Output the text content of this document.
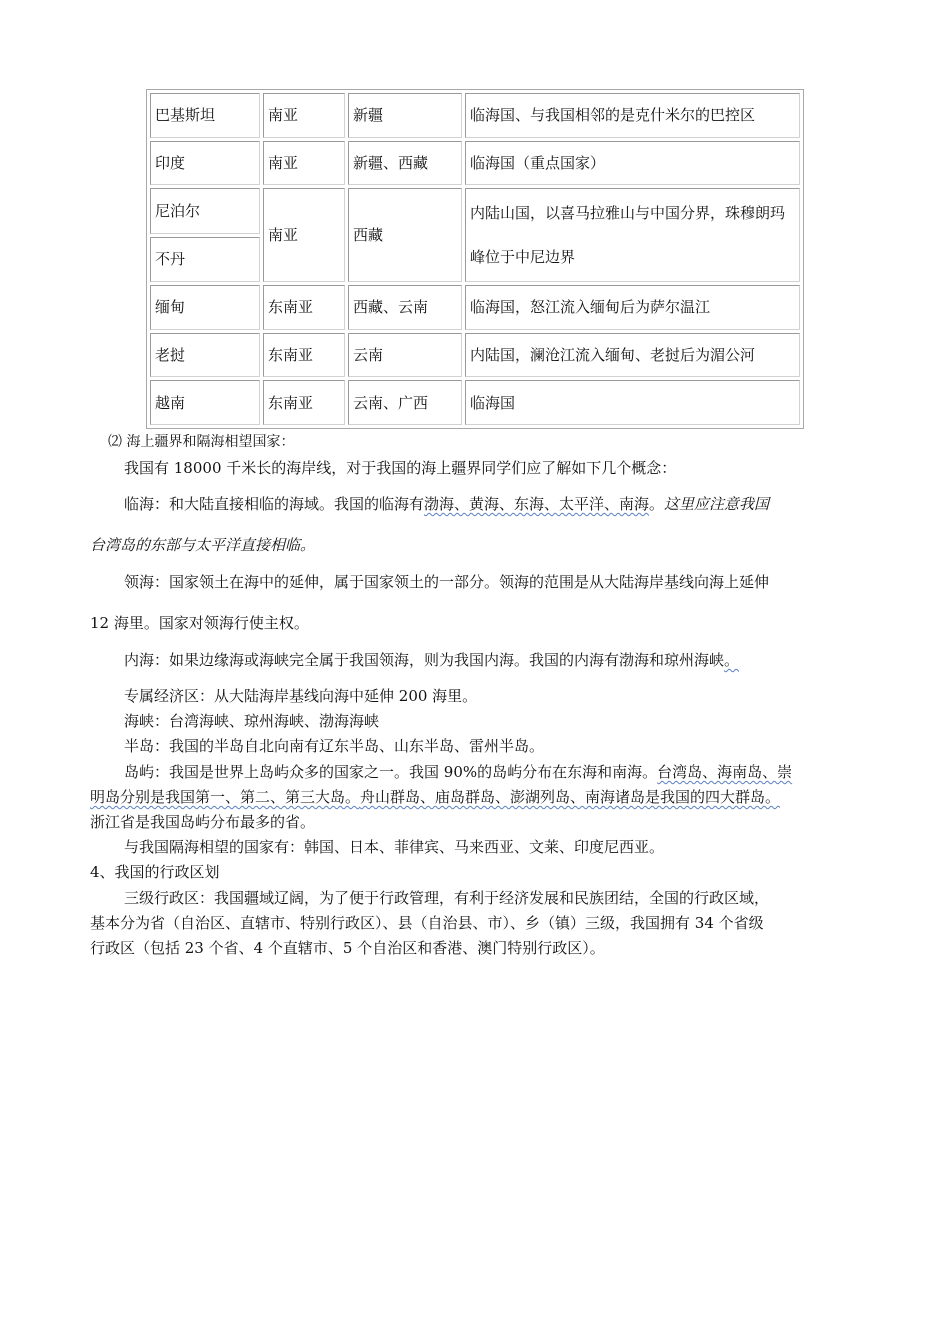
巴基斯坦	南亚	新疆	临海国、与我国相邻的是克什米尔的巴控区
印度	南亚	新疆、西藏	临海国（重点国家）
尼泊尔	南亚	西藏	内陆山国，以喜马拉雅山与中国分界，珠穆朗玛峰位于中尼边界
不丹			
缅甸	东南亚	西藏、云南	临海国，怒江流入缅甸后为萨尔温江
老挝	东南亚	云南	内陆国，澜沧江流入缅甸、老挝后为湄公河
越南	东南亚	云南、广西	临海国
⑵ 海上疆界和隔海相望国家：
我国有 18000 千米长的海岸线，对于我国的海上疆界同学们应了解如下几个概念：
临海：和大陆直接相临的海域。我国的临海有渤海、黄海、东海、太平洋、南海。这里应注意我国
台湾岛的东部与太平洋直接相临。
领海：国家领土在海中的延伸，属于国家领土的一部分。领海的范围是从大陆海岸基线向海上延伸
12 海里。国家对领海行使主权。
内海：如果边缘海或海峡完全属于我国领海，则为我国内海。我国的内海有渤海和琼州海峡。
专属经济区：从大陆海岸基线向海中延伸 200 海里。
海峡：台湾海峡、琼州海峡、渤海海峡
半岛：我国的半岛自北向南有辽东半岛、山东半岛、雷州半岛。
岛屿：我国是世界上岛屿众多的国家之一。我国 90%的岛屿分布在东海和南海。台湾岛、海南岛、崇
明岛分别是我国第一、第二、第三大岛。舟山群岛、庙岛群岛、澎湖列岛、南海诸岛是我国的四大群岛。
浙江省是我国岛屿分布最多的省。
与我国隔海相望的国家有：韩国、日本、菲律宾、马来西亚、文莱、印度尼西亚。
4、我国的行政区划
三级行政区：我国疆域辽阔，为了便于行政管理，有利于经济发展和民族团结，全国的行政区域，
基本分为省（自治区、直辖市、特别行政区）、县（自治县、市）、乡（镇）三级，我国拥有 34 个省级
行政区（包括 23 个省、4 个直辖市、5 个自治区和香港、澳门特别行政区）。
